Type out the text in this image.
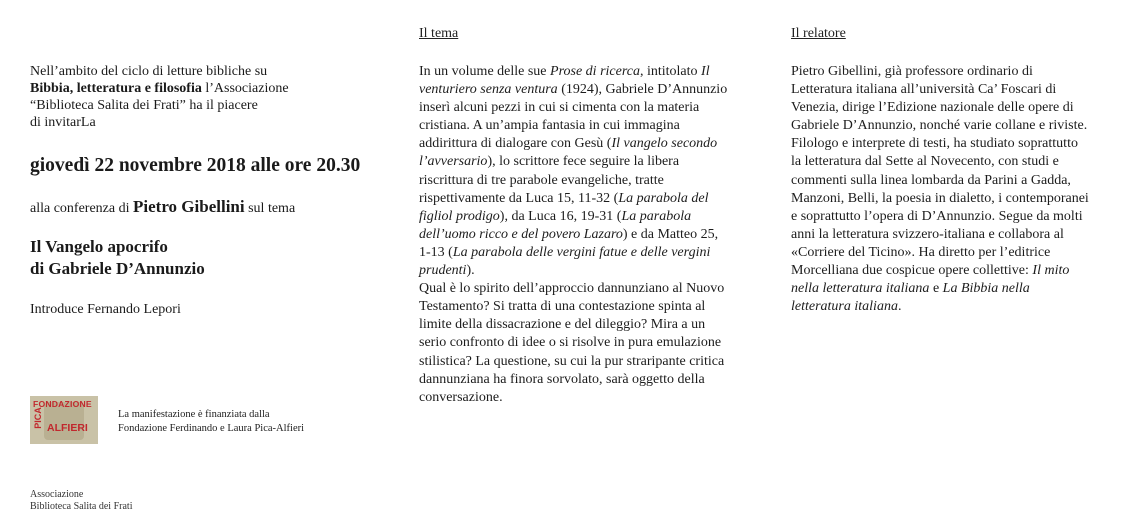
Nell’ambito del ciclo di letture bibliche su
Bibbia, letteratura e filosofia l’Associazione
“Biblioteca Salita dei Frati” ha il piacere
di invitarLa

giovedì 22 novembre 2018 alle ore 20.30

alla conferenza di Pietro Gibellini sul tema

Il Vangelo apocrifo
di Gabriele D’Annunzio

Introduce Fernando Lepori

FONDAZIONE
PICA ALFIERI

La manifestazione è finanziata dalla
Fondazione Ferdinando e Laura Pica-Alfieri

Associazione
Biblioteca Salita dei Frati

Il tema

In un volume delle sue Prose di ricerca, intitolato Il venturiero senza ventura (1924), Gabriele D’Annunzio inserì alcuni pezzi in cui si cimenta con la materia cristiana. A un’ampia fantasia in cui immagina addirittura di dialogare con Gesù (Il vangelo secondo l’avversario), lo scrittore fece seguire la libera riscrittura di tre parabole evangeliche, tratte rispettivamente da Luca 15, 11-32 (La parabola del figliol prodigo), da Luca 16, 19-31 (La parabola dell’uomo ricco e del povero Lazaro) e da Matteo 25, 1-13 (La parabola delle vergini fatue e delle vergini prudenti).
Qual è lo spirito dell’approccio dannunziano al Nuovo Testamento? Si tratta di una contestazione spinta al limite della dissacrazione e del dileggio? Mira a un serio confronto di idee o si risolve in pura emulazione stilistica? La questione, su cui la pur straripante critica dannunziana ha finora sorvolato, sarà oggetto della conversazione.

Il relatore

Pietro Gibellini, già professore ordinario di Letteratura italiana all’università Ca’ Foscari di Venezia, dirige l’Edizione nazionale delle opere di Gabriele D’Annunzio, nonché varie collane e riviste. Filologo e interprete di testi, ha studiato soprattutto la letteratura dal Sette al Novecento, con studi e commenti sulla linea lombarda da Parini a Gadda, Manzoni, Belli, la poesia in dialetto, i contemporanei e soprattutto l’opera di D’Annunzio. Segue da molti anni la letteratura svizzero-italiana e collabora al «Corriere del Ticino». Ha diretto per l’editrice Morcelliana due cospicue opere collettive: Il mito nella letteratura italiana e La Bibbia nella letteratura italiana.
